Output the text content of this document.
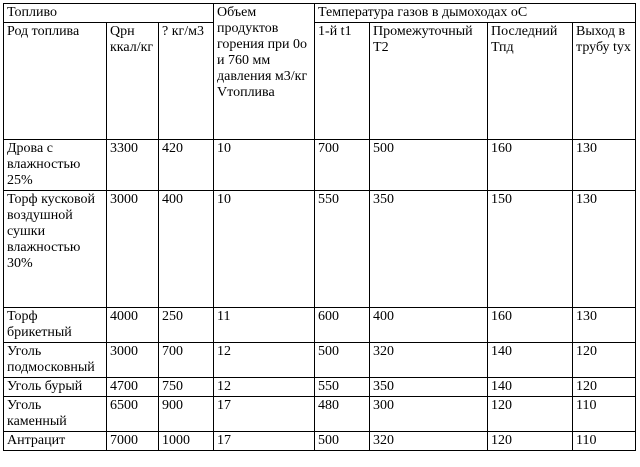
Топливо			Объем продуктов горения при 0о и 760 мм давления м3/кг Vтоплива	Температура газов в дымоходах оС			
Род топлива	Qрн ккал/кг	? кг/м3		1-й t1	Промежуточный Т2	Последний Тпд	Выход в трубу tух
Дрова с влажностью 25%	3300	420	10	700	500	160	130
Торф кусковой воздушной сушки влажностью 30%	3000	400	10	550	350	150	130
Торф брикетный	4000	250	11	600	400	160	130
Уголь подмосковный	3000	700	12	500	320	140	120
Уголь бурый	4700	750	12	550	350	140	120
Уголь каменный	6500	900	17	480	300	120	110
Антрацит	7000	1000	17	500	320	120	110
